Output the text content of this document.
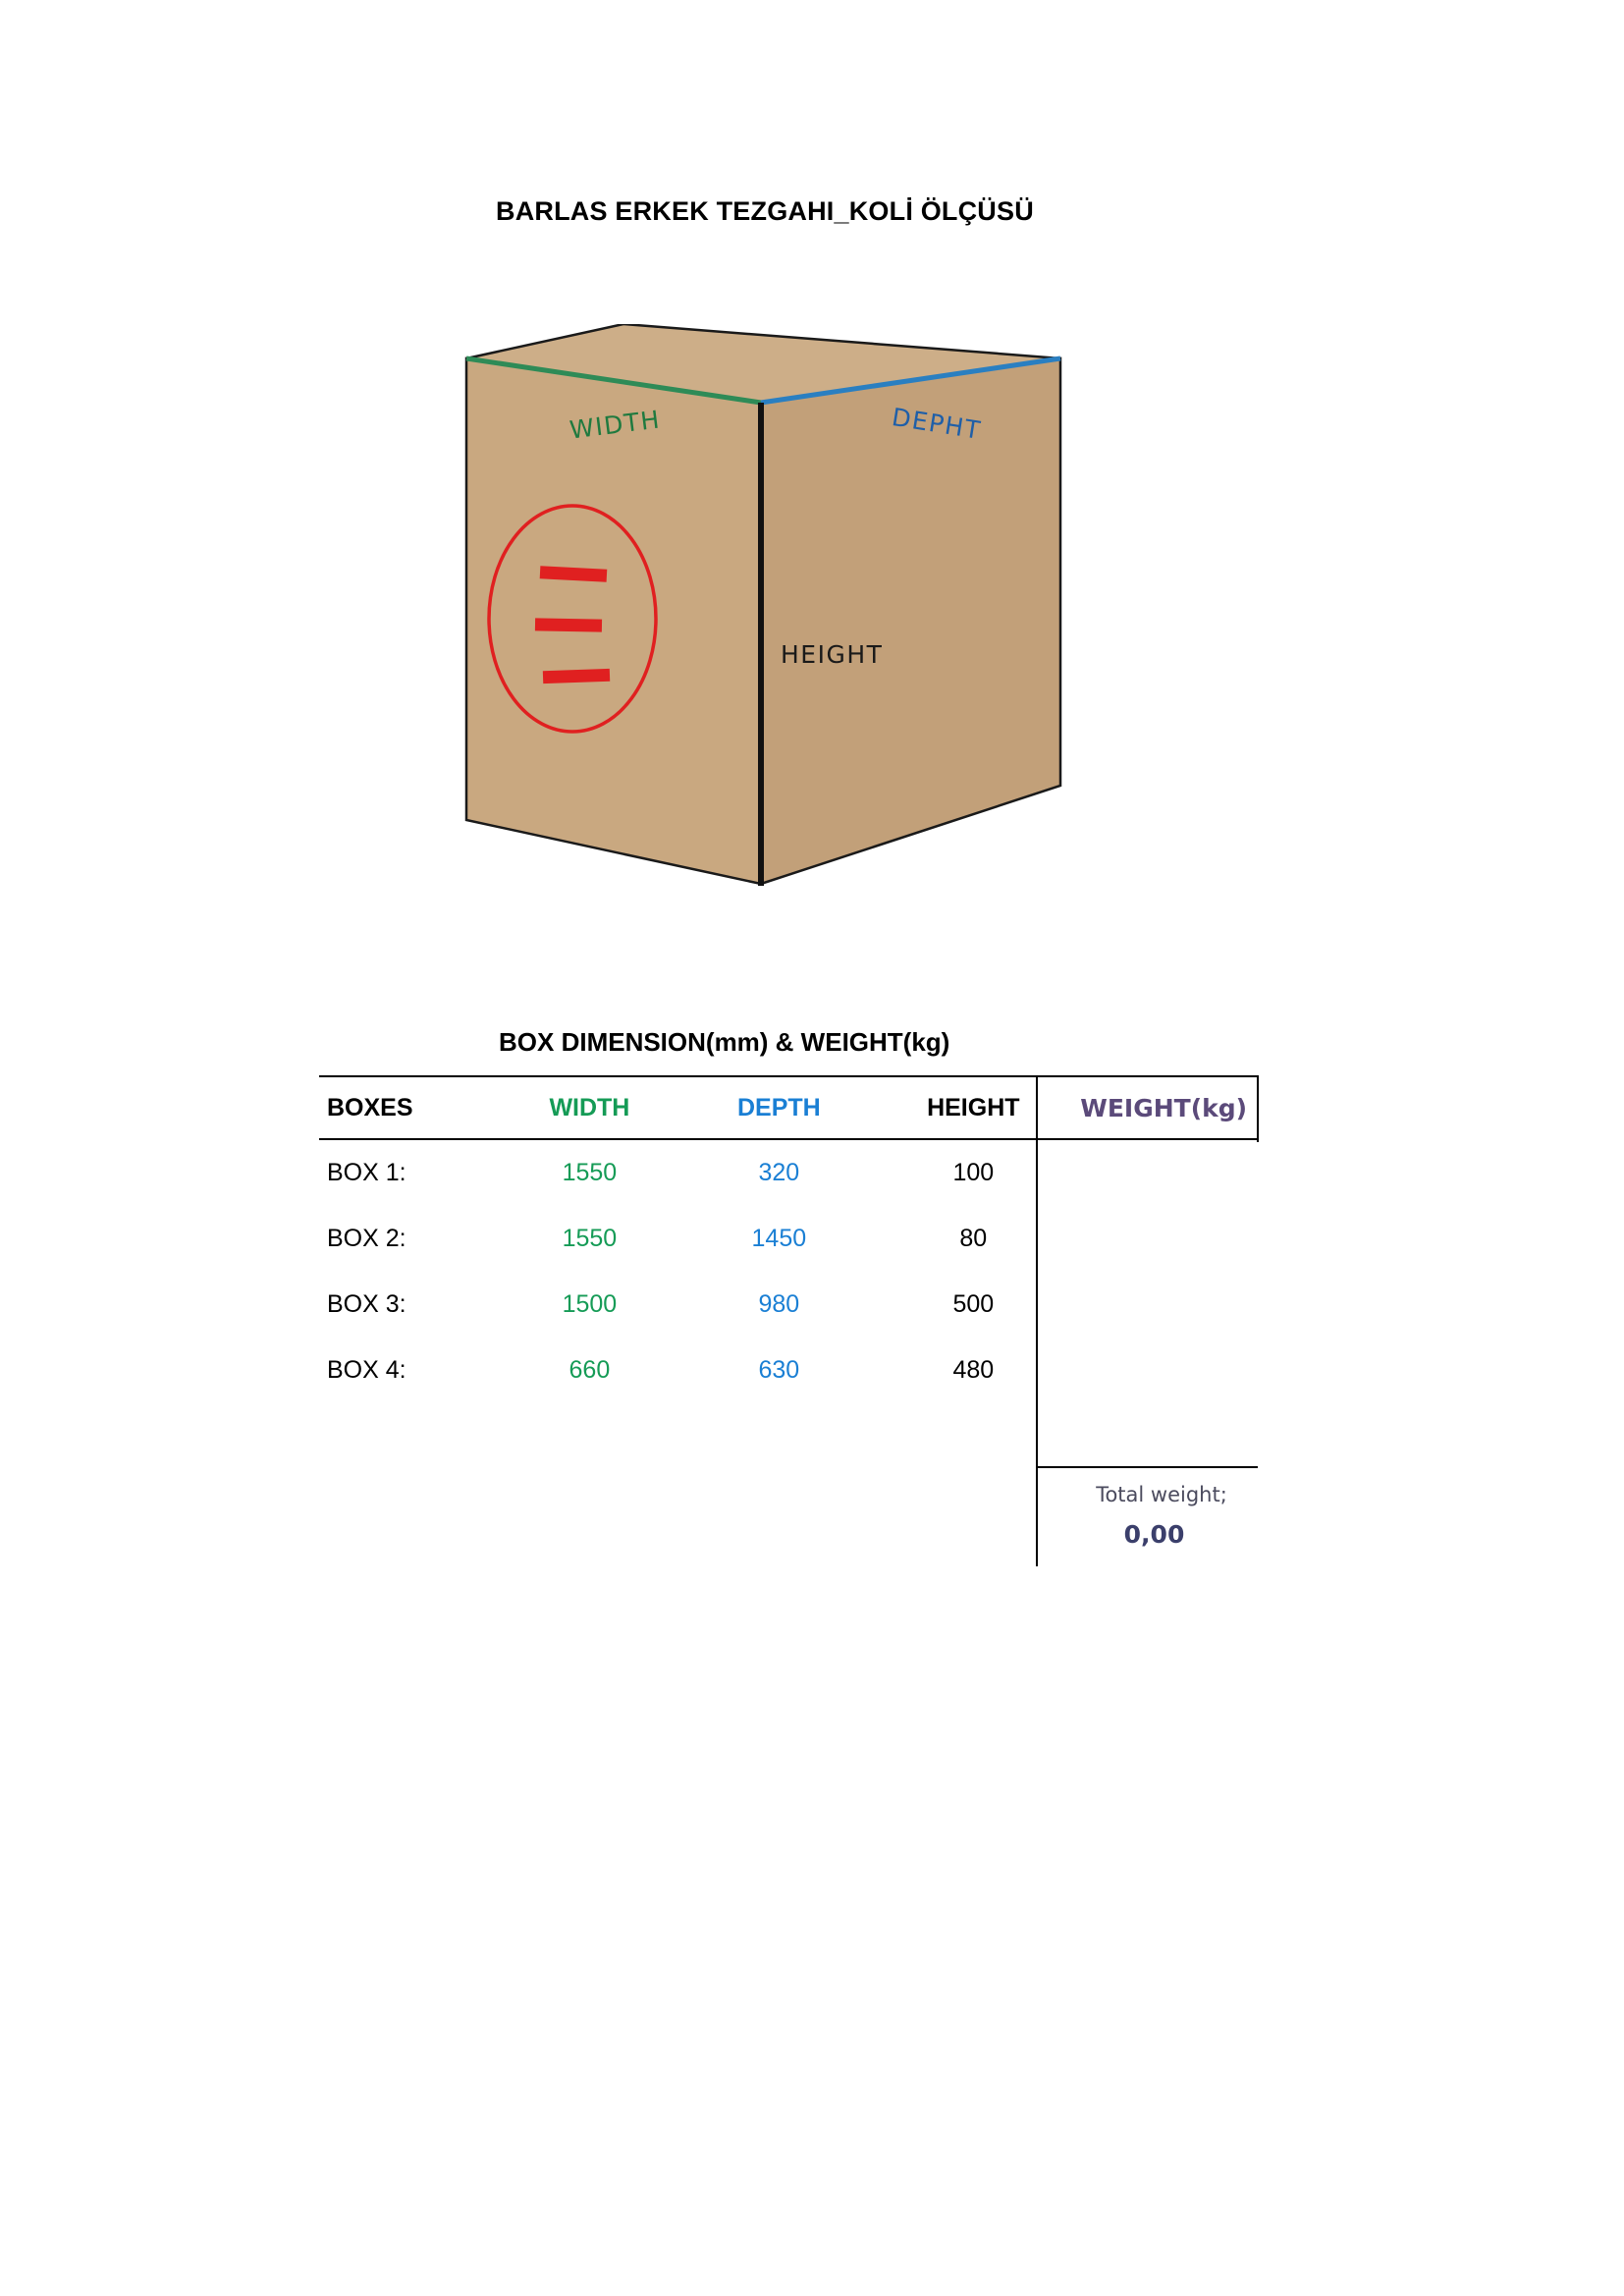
BARLAS ERKEK TEZGAHI_KOLİ ÖLÇÜSÜ
WIDTH	DEPHT
HEIGHT
BOX DIMENSION(mm) & WEIGHT(kg)
BOXES	WIDTH	DEPTH	HEIGHT	WEIGHT(kg)
BOX 1:	1550	320	100	
BOX 2:	1550	1450	80	
BOX 3:	1500	980	500	
BOX 4:	660	630	480	
Total weight;
0,00
